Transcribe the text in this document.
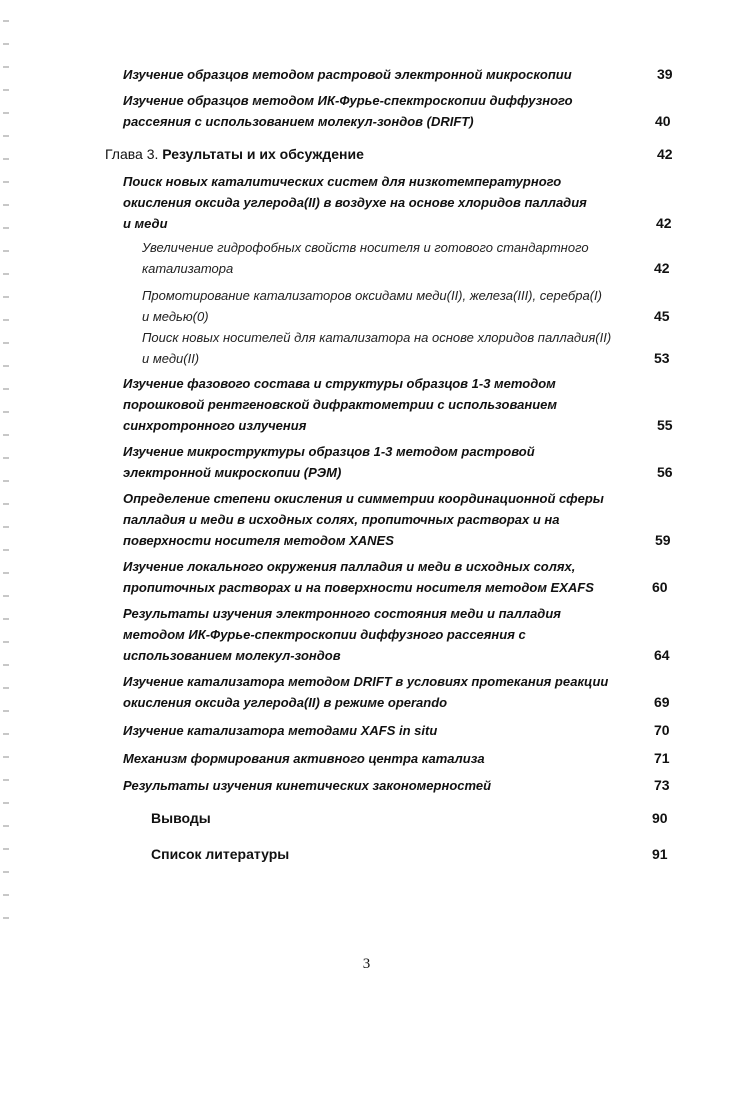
Изучение образцов методом растровой электронной микроскопии	39
Изучение образцов методом ИК-Фурье-спектроскопии диффузного
рассеяния с использованием молекул-зондов (DRIFT)	40
Глава 3. Результаты и их обсуждение	42
Поиск новых каталитических систем для низкотемпературного
окисления оксида углерода(II) в воздухе на основе хлоридов палладия
и меди	42
Увеличение гидрофобных свойств носителя и готового стандартного
катализатора	42
Промотирование катализаторов оксидами меди(II), железа(III), серебра(I)
и медью(0)	45
Поиск новых носителей для катализатора на основе хлоридов палладия(II)
и меди(II)	53
Изучение фазового состава и структуры образцов 1-3 методом
порошковой рентгеновской дифрактометрии с использованием
синхротронного излучения	55
Изучение микроструктуры образцов 1-3 методом растровой
электронной микроскопии (РЭМ)	56
Определение степени окисления и симметрии координационной сферы
палладия и меди в исходных солях, пропиточных растворах и на
поверхности носителя методом XANES	59
Изучение локального окружения палладия и меди в исходных солях,
пропиточных растворах и на поверхности носителя методом EXAFS	60
Результаты изучения электронного состояния меди и палладия
методом ИК-Фурье-спектроскопии диффузного рассеяния с
использованием молекул-зондов	64
Изучение катализатора методом DRIFT в условиях протекания реакции
окисления оксида углерода(II) в режиме operando	69
Изучение катализатора методами XAFS in situ	70
Механизм формирования активного центра катализа	71
Результаты изучения кинетических закономерностей	73
Выводы	90
Список литературы	91
3
